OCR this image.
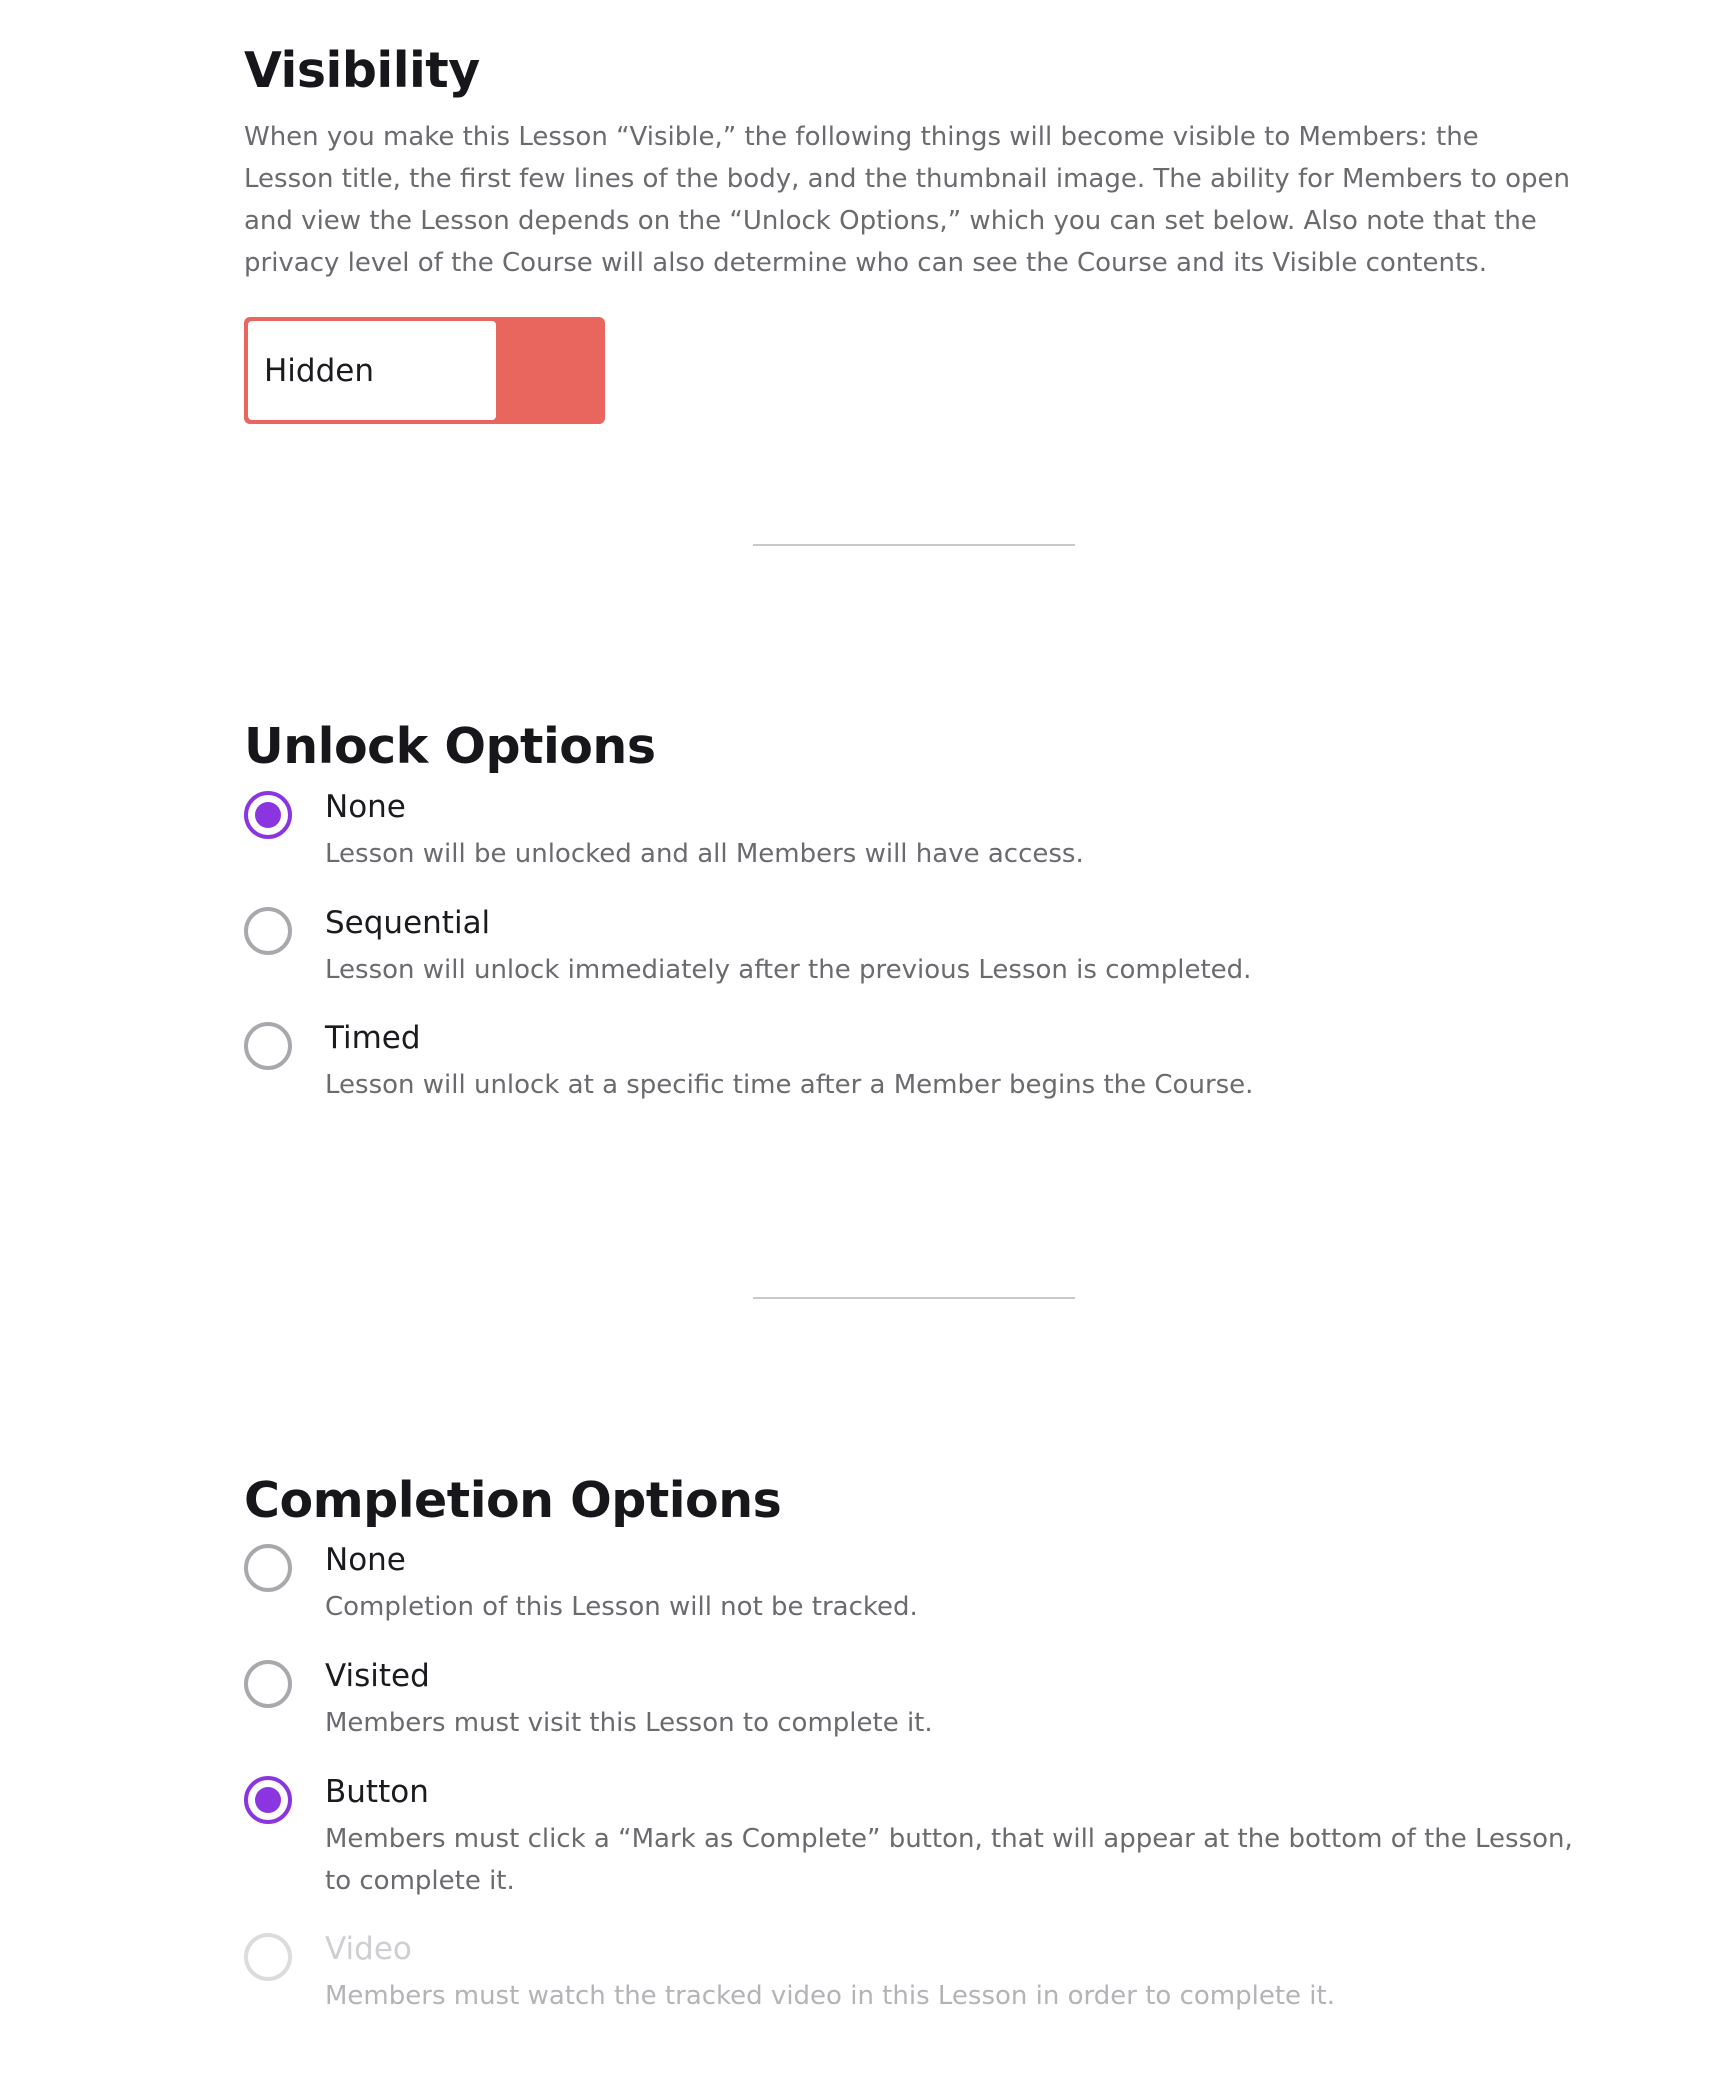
Visibility

When you make this Lesson “Visible,” the following things will become visible to Members: the Lesson title, the first few lines of the body, and the thumbnail image. The ability for Members to open and view the Lesson depends on the “Unlock Options,” which you can set below. Also note that the privacy level of the Course will also determine who can see the Course and its Visible contents.

Hidden
Unlock Options
None

Lesson will be unlocked and all Members will have access.

Sequential

Lesson will unlock immediately after the previous Lesson is completed.

Timed

Lesson will unlock at a specific time after a Member begins the Course.

Completion Options
None

Completion of this Lesson will not be tracked.

Visited

Members must visit this Lesson to complete it.

Button

Members must click a “Mark as Complete” button, that will appear at the bottom of the Lesson, to complete it.

Video

Members must watch the tracked video in this Lesson in order to complete it.
